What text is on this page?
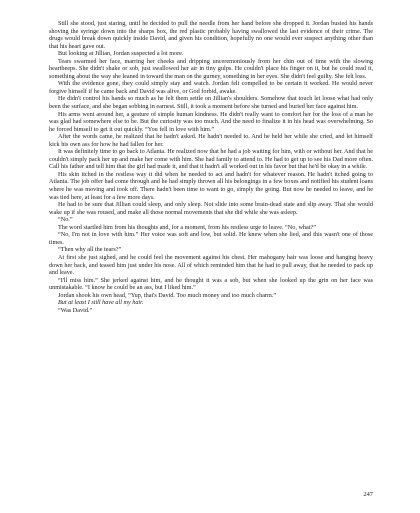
Still she stood, just staring, until he decided to pull the needle from her hand before she dropped it. Jordan busied his hands shoving the syringe down into the sharps box, the red plastic probably having swallowed the last evidence of their crime. The drugs would break down quickly inside David, and given his condition, hopefully no one would ever suspect anything other than that his heart gave out.

But looking at Jillian, Jordan suspected a lot more.

Tears swarmed her face, marring her cheeks and dripping unceremoniously from her chin out of time with the slowing heartbeeps. She didn't shake or sob, just swallowed her air in tiny gulps. He couldn't place his finger on it, but he could read it, something about the way she leaned in toward the man on the gurney, something in her eyes. She didn't feel guilty. She felt loss.

With the evidence gone, they could simply stay and watch. Jordan felt compelled to be certain it worked. He would never forgive himself if he came back and David was alive, or God forbid, awake.

He didn't control his hands so much as he felt them settle on Jillian's shoulders. Somehow that touch let loose what had only been the surface, and she began sobbing in earnest. Still, it took a moment before she turned and buried her face against him.

His arms went around her, a gesture of simple human kindness. He didn't really want to comfort her for the loss of a man he was glad had somewhere else to be. But the curiosity was too much. And the need to finalize it in his head was overwhelming. So he forced himself to get it out quickly. “You fell in love with him.”

After the words came, he realized that he hadn't asked. He hadn't needed to. And he held her while she cried, and let himself kick his own ass for how he had fallen for her.

It was definitely time to go back to Atlanta. He realized now that he had a job waiting for him, with or without her. And that he couldn't simply pack her up and make her come with him. She had family to attend to. He had to get up to see his Dad more often. Call his father and tell him that the girl had made it, and that it hadn't all worked out in his favor but that he'd be okay in a while.

His skin itched in the restless way it did when he needed to act and hadn't for whatever reason. He hadn't itched going to Atlanta. The job offer had come through and he had simply thrown all his belongings in a few boxes and notified his student loans where he was moving and took off. There hadn't been time to want to go, simply the going. But now he needed to leave, and he was tied here, at least for a few more days.

He had to be sure that Jillian could sleep, and only sleep. Not slide into some brain-dead state and slip away. That she would wake up if she was roused, and make all those normal movements that she did while she was asleep.

“No.”

The word startled him from his thoughts and, for a moment, from his restless urge to leave. “No, what?”

“No, I'm not in love with him.” Her voice was soft and low, but solid. He knew when she lied, and this wasn't one of those times.

“Then why all the tears?”

At first she just sighed, and he could feel the movement against his chest. Her mahogany hair was loose and hanging heavy down her back, and teased him just under his nose. All of which reminded him that he had to pull away, that he needed to pack up and leave.

“I'll miss him.” She jerked against him, and he thought it was a sob, but when she looked up the grin on her face was unmistakable. “I know he could be an ass, but I liked him.”

Jordan shook his own head, “Yup, that's David. Too much money and too much charm.”

But at least I still have all my hair.

“Was David.”

247
